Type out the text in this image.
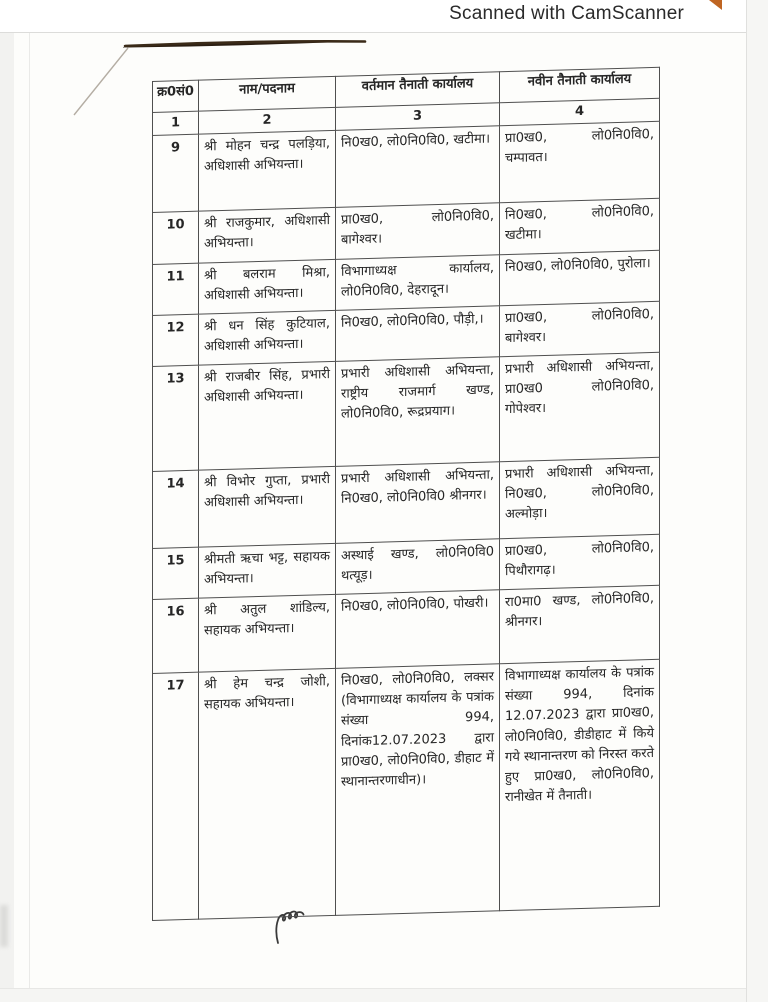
क्र0सं0	नाम/पदनाम	वर्तमान तैनाती कार्यालय	नवीन तैनाती कार्यालय
1	2	3	4
9	श्री मोहन चन्द्र पलड़िया, अधिशासी अभियन्ता।	नि0ख0, लो0नि0वि0, खटीमा।	प्रा0ख0, लो0नि0वि0, चम्पावत।
10	श्री राजकुमार, अधिशासी अभियन्ता।	प्रा0ख0, लो0नि0वि0, बागेश्वर।	नि0ख0, लो0नि0वि0, खटीमा।
11	श्री बलराम मिश्रा, अधिशासी अभियन्ता।	विभागाध्यक्ष कार्यालय, लो0नि0वि0, देहरादून।	नि0ख0, लो0नि0वि0, पुरोला।
12	श्री धन सिंह कुटियाल, अधिशासी अभियन्ता।	नि0ख0, लो0नि0वि0, पौड़ी,।	प्रा0ख0, लो0नि0वि0, बागेश्वर।
13	श्री राजबीर सिंह, प्रभारी अधिशासी अभियन्ता।	प्रभारी अधिशासी अभियन्ता, राष्ट्रीय राजमार्ग खण्ड, लो0नि0वि0, रूद्रप्रयाग।	प्रभारी अधिशासी अभियन्ता, प्रा0ख0 लो0नि0वि0, गोपेश्वर।
14	श्री विभोर गुप्ता, प्रभारी अधिशासी अभियन्ता।	प्रभारी अधिशासी अभियन्ता, नि0ख0, लो0नि0वि0 श्रीनगर।	प्रभारी अधिशासी अभियन्ता, नि0ख0, लो0नि0वि0, अल्मोड़ा।
15	श्रीमती ऋचा भट्ट, सहायक अभियन्ता।	अस्थाई खण्ड, लो0नि0वि0 थत्यूड़।	प्रा0ख0, लो0नि0वि0, पिथौरागढ़।
16	श्री अतुल शांडिल्य, सहायक अभियन्ता।	नि0ख0, लो0नि0वि0, पोखरी।	रा0मा0 खण्ड, लो0नि0वि0, श्रीनगर।
17	श्री हेम चन्द्र जोशी, सहायक अभियन्ता।	नि0ख0, लो0नि0वि0, लक्सर (विभागाध्यक्ष कार्यालय के पत्रांक संख्या 994, दिनांक12.07.2023 द्वारा प्रा0ख0, लो0नि0वि0, डीहाट में स्थानान्तरणाधीन)।	विभागाध्यक्ष कार्यालय के पत्रांक संख्या 994, दिनांक 12.07.2023 द्वारा प्रा0ख0, लो0नि0वि0, डीडीहाट में किये गये स्थानान्तरण को निरस्त करते हुए प्रा0ख0, लो0नि0वि0, रानीखेत में तैनाती।
Scanned with CamScanner
